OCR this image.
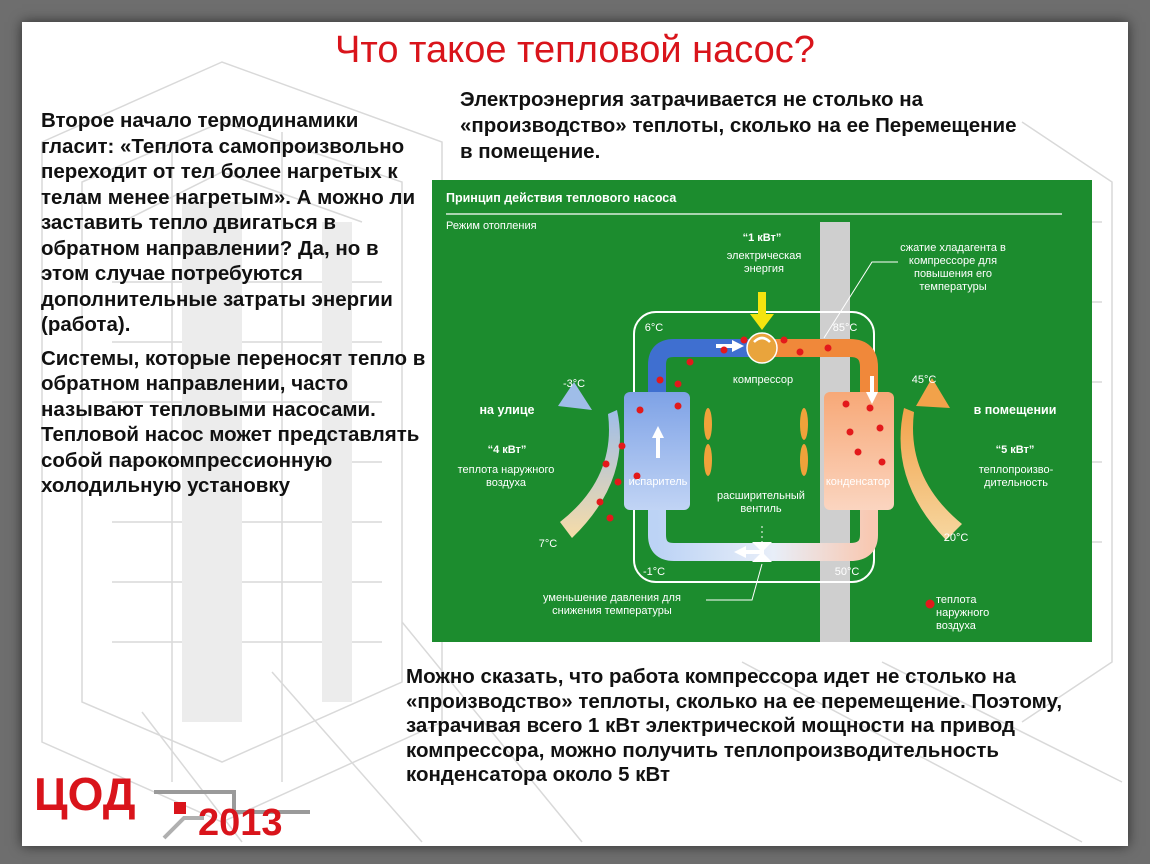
Что такое тепловой насос?

Второе начало термодинамики гласит: «Теплота самопроизвольно переходит от тел более нагретых к телам менее нагретым». А можно ли заставить тепло двигаться в обратном направлении? Да, но в этом случае потребуются дополнительные затраты энергии (работа).

Системы, которые переносят тепло в обратном направлении, часто называют тепловыми насосами. Тепловой насос может представлять собой парокомпрессионную холодильную установку

Электроэнергия затрачивается не столько на «производство» теплоты, сколько на ее Перемещение в помещение.
Принцип действия теплового насоса
Режим отопления
“1 кВт”
электрическая энергия
сжатие хладагента в компрессоре для повышения его температуры
6°C	85°C
компрессор
-3°C
на улице
“4 кВт”
теплота наружного воздуха	испаритель
расширительный вентиль
конденсатор
45°C
в помещении
“5 кВт”
теплопроизво-дительность
7°C	20°C
-1°C	50°C
уменьшение давления для снижения температуры
теплота наружного воздуха
Можно сказать, что работа компрессора идет не столько на «производство» теплоты, сколько на ее перемещение. Поэтому, затрачивая всего 1 кВт электрической мощности на привод компрессора, можно получить теплопроизводительность конденсатора около 5 кВт
ЦОД
2013
